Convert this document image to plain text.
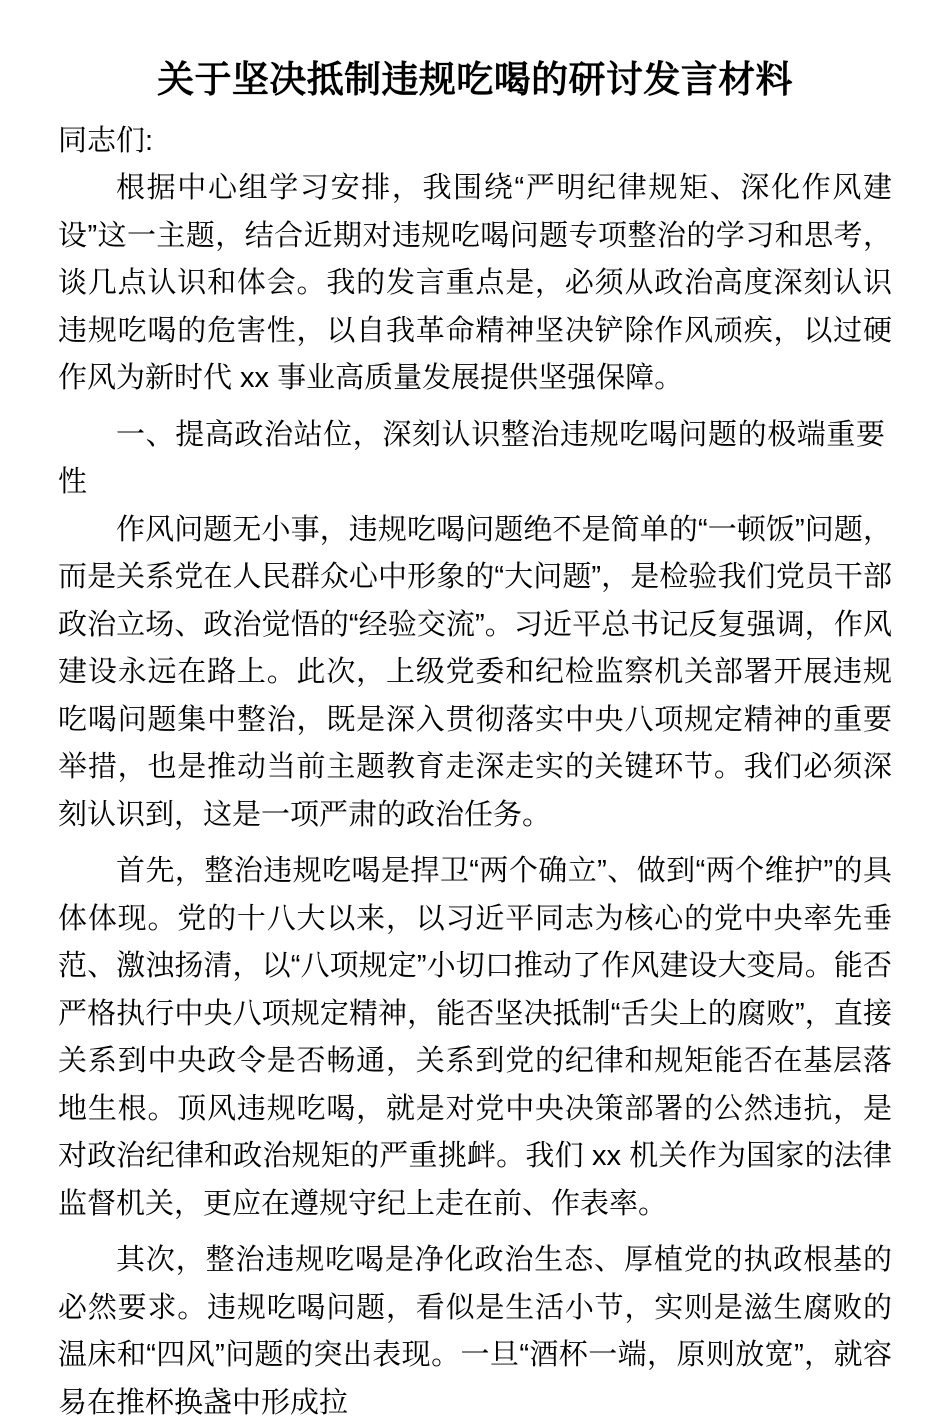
关于坚决抵制违规吃喝的研讨发言材料

同志们:

根据中心组学习安排，我围绕“严明纪律规矩、深化作风建设”这一主题，结合近期对违规吃喝问题专项整治的学习和思考，谈几点认识和体会。我的发言重点是，必须从政治高度深刻认识违规吃喝的危害性，以自我革命精神坚决铲除作风顽疾，以过硬作风为新时代 xx 事业高质量发展提供坚强保障。

一、提高政治站位，深刻认识整治违规吃喝问题的极端重要性

作风问题无小事，违规吃喝问题绝不是简单的“一顿饭”问题，而是关系党在人民群众心中形象的“大问题”，是检验我们党员干部政治立场、政治觉悟的“经验交流”。习近平总书记反复强调，作风建设永远在路上。此次，上级党委和纪检监察机关部署开展违规吃喝问题集中整治，既是深入贯彻落实中央八项规定精神的重要举措，也是推动当前主题教育走深走实的关键环节。我们必须深刻认识到，这是一项严肃的政治任务。

首先，整治违规吃喝是捍卫“两个确立”、做到“两个维护”的具体体现。党的十八大以来，以习近平同志为核心的党中央率先垂范、激浊扬清，以“八项规定”小切口推动了作风建设大变局。能否严格执行中央八项规定精神，能否坚决抵制“舌尖上的腐败”，直接关系到中央政令是否畅通，关系到党的纪律和规矩能否在基层落地生根。顶风违规吃喝，就是对党中央决策部署的公然违抗，是对政治纪律和政治规矩的严重挑衅。我们 xx 机关作为国家的法律监督机关，更应在遵规守纪上走在前、作表率。

其次，整治违规吃喝是净化政治生态、厚植党的执政根基的必然要求。违规吃喝问题，看似是生活小节，实则是滋生腐败的温床和“四风”问题的突出表现。一旦“酒杯一端，原则放宽”，就容易在推杯换盏中形成拉
